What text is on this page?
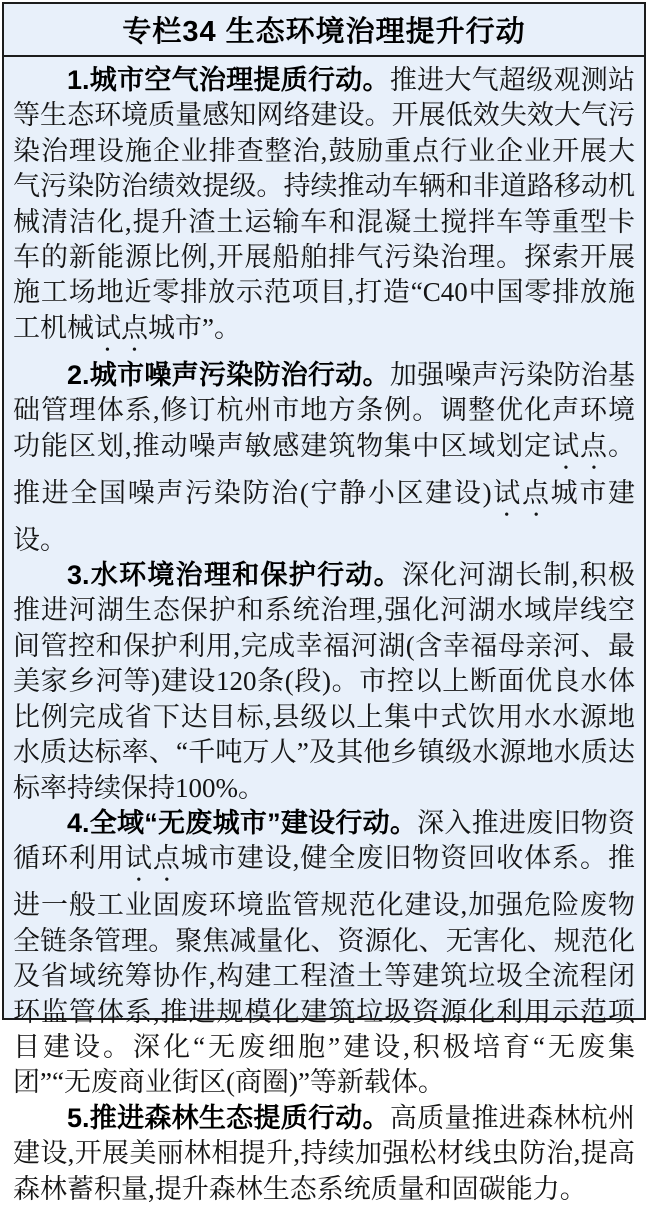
专栏34 生态环境治理提升行动

1.城市空气治理提质行动。推进大气超级观测站等生态环境质量感知网络建设。开展低效失效大气污染治理设施企业排查整治,鼓励重点行业企业开展大气污染防治绩效提级。持续推动车辆和非道路移动机械清洁化,提升渣土运输车和混凝土搅拌车等重型卡车的新能源比例,开展船舶排气污染治理。探索开展施工场地近零排放示范项目,打造“C40中国零排放施工机械试点城市”。

2.城市噪声污染防治行动。加强噪声污染防治基础管理体系,修订杭州市地方条例。调整优化声环境功能区划,推动噪声敏感建筑物集中区域划定试点。推进全国噪声污染防治(宁静小区建设)试点城市建设。

3.水环境治理和保护行动。深化河湖长制,积极推进河湖生态保护和系统治理,强化河湖水域岸线空间管控和保护利用,完成幸福河湖(含幸福母亲河、最美家乡河等)建设120条(段)。市控以上断面优良水体比例完成省下达目标,县级以上集中式饮用水水源地水质达标率、“千吨万人”及其他乡镇级水源地水质达标率持续保持100%。

4.全域“无废城市”建设行动。深入推进废旧物资循环利用试点城市建设,健全废旧物资回收体系。推进一般工业固废环境监管规范化建设,加强危险废物全链条管理。聚焦减量化、资源化、无害化、规范化及省域统筹协作,构建工程渣土等建筑垃圾全流程闭环监管体系,推进规模化建筑垃圾资源化利用示范项目建设。深化“无废细胞”建设,积极培育“无废集团”“无废商业街区(商圈)”等新载体。

5.推进森林生态提质行动。高质量推进森林杭州建设,开展美丽林相提升,持续加强松材线虫防治,提高森林蓄积量,提升森林生态系统质量和固碳能力。
